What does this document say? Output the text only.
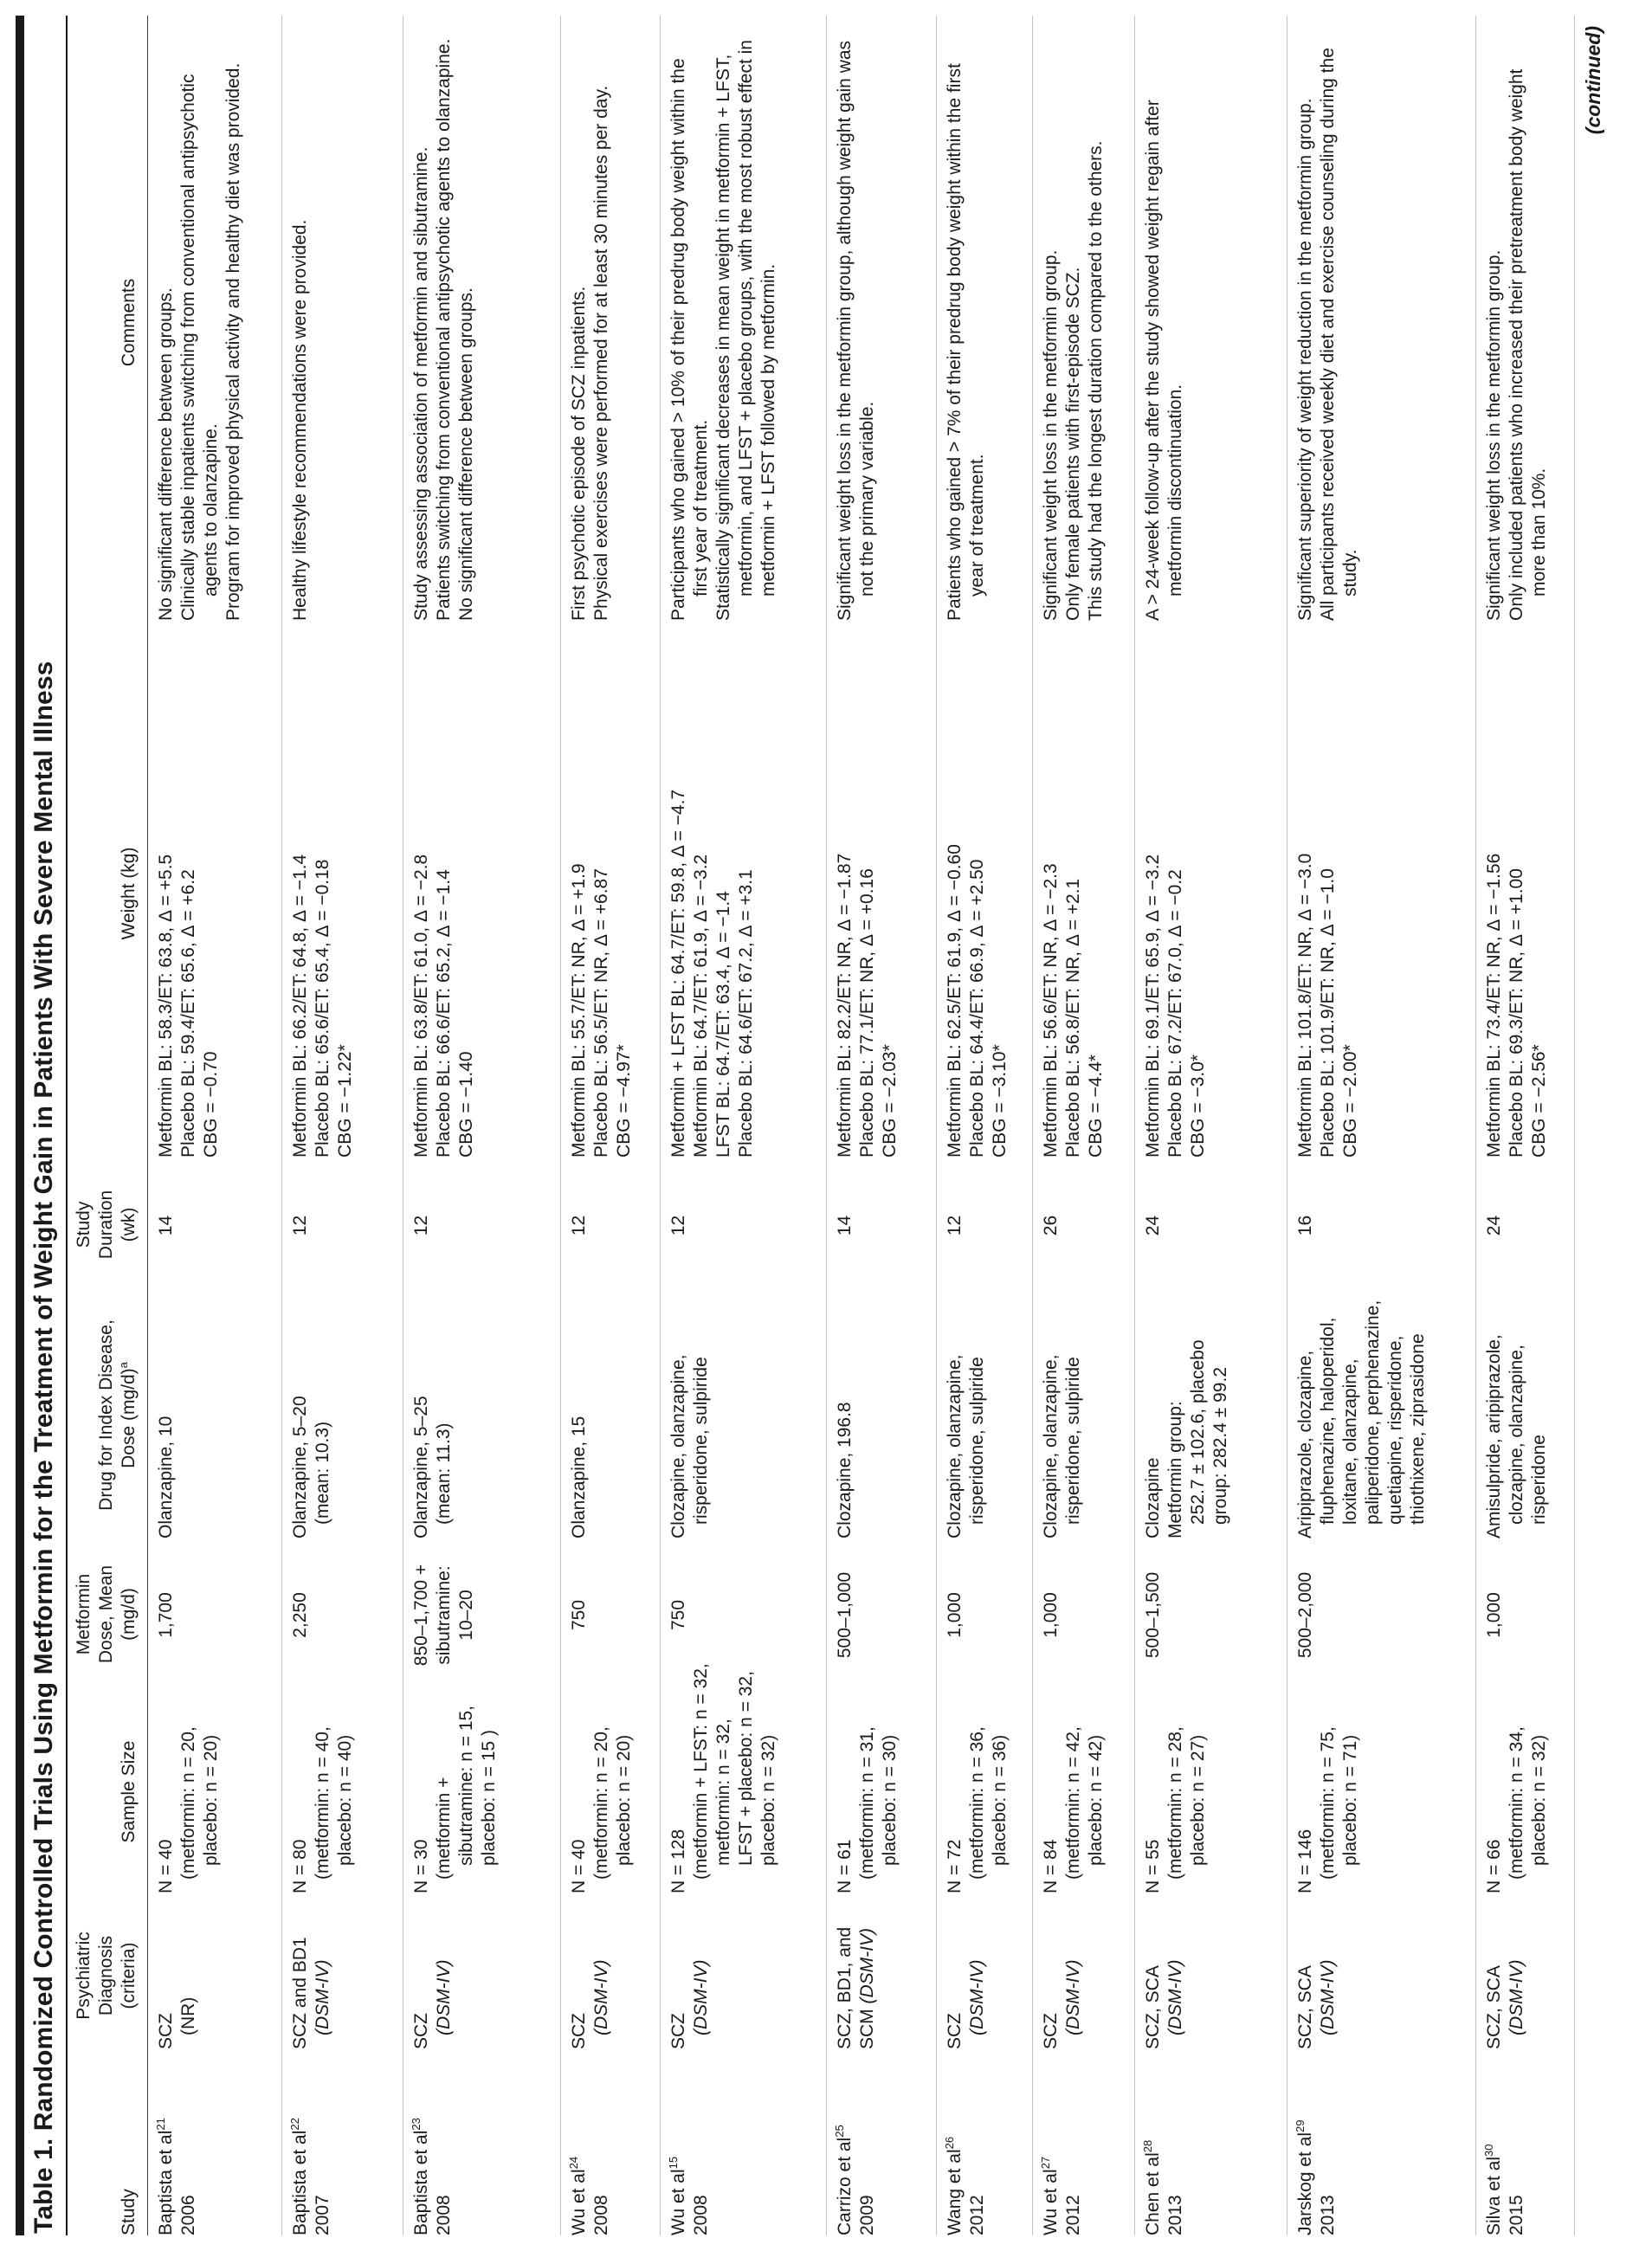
Table 1. Randomized Controlled Trials Using Metformin for the Treatment of Weight Gain in Patients With Severe Mental Illness	Study
Psychiatric Diagnosis (criteria)
Sample Size
Metformin Dose, Mean (mg/d)
Drug for Index Disease, Dose $(mg/d)^a$
Study Duration (wk)
Weight (kg)
Comments
Baptista et $al^{21}$
2006
SCZ (NR)
N = 40 (metformin: n = 20, placebo: n = 20)
1,700
Olanzapine, 10
14
Metformin BL: 58.3/ET: 63.8, Δ = +5.5 Placebo BL: 59.4/ET: 65.6, Δ = +6.2 CBG = −0.70

No significant difference between groups. Clinically stable inpatients switching from conventional antipsychotic agents to olanzapine. Program for improved physical activity and healthy diet was provided.

Baptista et $al^{22}$
2007
SCZ and BD1 (DSM-IV)
N = 80 (metformin: n = 40, placebo: n = 40)
2,250
Olanzapine, 5–20 (mean: 10.3)
12
Metformin BL: 66.2/ET: 64.8, Δ = −1.4 Placebo BL: 65.6/ET: 65.4, Δ = −0.18 CBG = −1.22*

Healthy lifestyle recommendations were provided.

Baptista et $al^{23}$
2008
SCZ (DSM-IV)
N = 30 (metformin + sibutramine: n = 15, placebo: n = 15 )
850–1,700 + sibutramine: 10–20
Olanzapine, 5–25 (mean: 11.3)
12
Metformin BL: 63.8/ET: 61.0, Δ = −2.8 Placebo BL: 66.6/ET: 65.2, Δ = −1.4 CBG = −1.40

Study assessing association of metformin and sibutramine. Patients switching from conventional antipsychotic agents to olanzapine. No significant difference between groups.

Wu et $al^{24}$
2008
SCZ (DSM-IV)
N = 40 (metformin: n = 20, placebo: n = 20)
750
Olanzapine, 15
12
Metformin BL: 55.7/ET: NR, Δ = +1.9 Placebo BL: 56.5/ET: NR, Δ = +6.87 CBG = −4.97*

First psychotic episode of SCZ inpatients. Physical exercises were performed for at least 30 minutes per day.

Wu et $al^{15}$
2008
SCZ (DSM-IV)
N = 128 (metformin + LFST: n = 32, metformin: n = 32, LFST + placebo: n = 32, placebo: n = 32)
750
Clozapine, olanzapine, risperidone, sulpiride
12
Metformin + LFST BL: 64.7/ET: 59.8, Δ = −4.7 Metformin BL: 64.7/ET: 61.9, Δ = −3.2 LFST BL: 64.7/ET: 63.4, Δ = −1.4 Placebo BL: 64.6/ET: 67.2, Δ = +3.1

Participants who gained > 10% of their predrug body weight within the first year of treatment. Statistically significant decreases in mean weight in metformin + LFST, metformin, and LFST + placebo groups, with the most robust effect in metformin + LFST followed by metformin.

Carrizo et $al^{25}$
2009
SCZ, BD1, and SCM (DSM-IV)
N = 61 (metformin: n = 31, placebo: n = 30)
500–1,000
Clozapine, 196.8
14
Metformin BL: 82.2/ET: NR, Δ = −1.87 Placebo BL: 77.1/ET: NR, Δ = +0.16 CBG = −2.03*

Significant weight loss in the metformin group, although weight gain was not the primary variable.

Wang et $al^{26}$
2012
SCZ (DSM-IV)
N = 72 (metformin: n = 36, placebo: n = 36)
1,000
Clozapine, olanzapine, risperidone, sulpiride
12
Metformin BL: 62.5/ET: 61.9, Δ = −0.60 Placebo BL: 64.4/ET: 66.9, Δ = +2.50 CBG = −3.10*

Patients who gained > 7% of their predrug body weight within the first year of treatment.

Wu et $al^{27}$
2012
SCZ (DSM-IV)
N = 84 (metformin: n = 42, placebo: n = 42)
1,000
Clozapine, olanzapine, risperidone, sulpiride
26
Metformin BL: 56.6/ET: NR, Δ = −2.3 Placebo BL: 56.8/ET: NR, Δ = +2.1 CBG = −4.4*

Significant weight loss in the metformin group. Only female patients with first-episode SCZ. This study had the longest duration compared to the others.

Chen et $al^{28}$
2013
SCZ, SCA (DSM-IV)
N = 55 (metformin: n = 28, placebo: n = 27)
500–1,500
Clozapine Metformin group: 252.7 ± 102.6, placebo group: 282.4 ± 99.2
24
Metformin BL: 69.1/ET: 65.9, Δ = −3.2 Placebo BL: 67.2/ET: 67.0, Δ = −0.2 CBG = −3.0*

A > 24-week follow-up after the study showed weight regain after metformin discontinuation.

Jarskog et $al^{29}$
2013
SCZ, SCA (DSM-IV)
N = 146 (metformin: n = 75, placebo: n = 71)
500–2,000
Aripiprazole, clozapine, fluphenazine, haloperidol, loxitane, olanzapine, paliperidone, perphenazine, quetiapine, risperidone, thiothixene, ziprasidone
16
Metformin BL: 101.8/ET: NR, Δ = −3.0 Placebo BL: 101.9/ET: NR, Δ = −1.0 CBG = −2.00*

Significant superiority of weight reduction in the metformin group. All participants received weekly diet and exercise counseling during the study.

Silva et $al^{30}$
2015
SCZ, SCA (DSM-IV)
N = 66 (metformin: n = 34, placebo: n = 32)
1,000
Amisulpride, aripiprazole, clozapine, olanzapine, risperidone
24
Metformin BL: 73.4/ET: NR, Δ = −1.56 Placebo BL: 69.3/ET: NR, Δ = +1.00 CBG = −2.56*

Significant weight loss in the metformin group. Only included patients who increased their pretreatment body weight more than 10%.

(continued)
